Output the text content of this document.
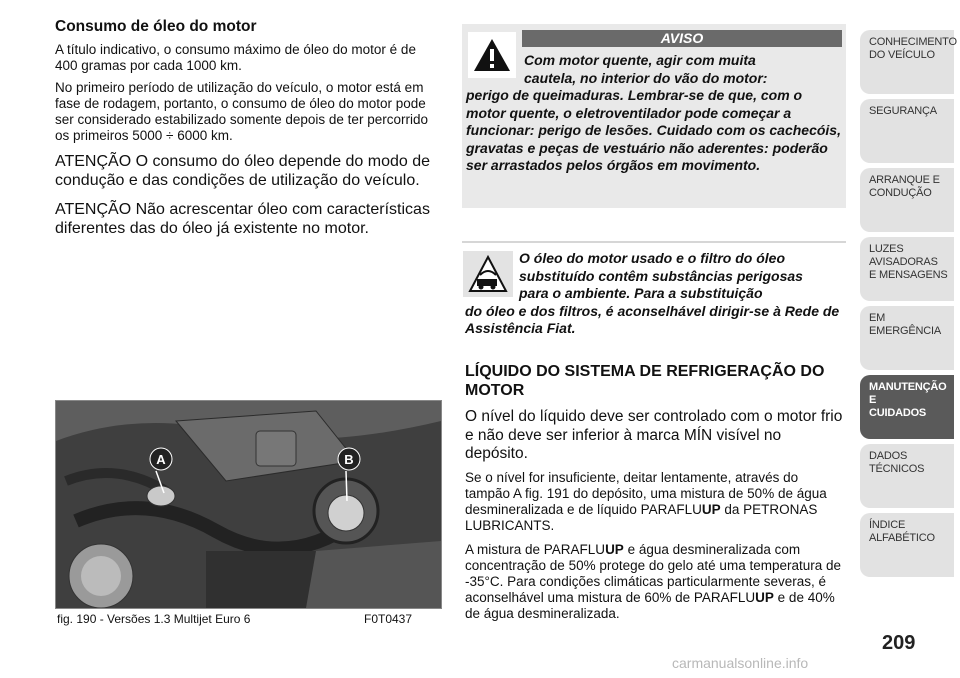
Consumo de óleo do motor

A título indicativo, o consumo máximo de óleo do motor é de 400 gramas por cada 1000 km.

No primeiro período de utilização do veículo, o motor está em fase de rodagem, portanto, o consumo de óleo do motor pode ser considerado estabilizado somente depois de ter percorrido os primeiros 5000 ÷ 6000 km.

ATENÇÃO O consumo do óleo depende do modo de condução e das condições de utilização do veículo.

ATENÇÃO Não acrescentar óleo com características diferentes das do óleo já existente no motor.

A	B
fig. 190 - Versões 1.3 Multijet Euro 6	F0T0437
AVISO

Com motor quente, agir com muita
cautela, no interior do vão do motor:
perigo de queimaduras. Lembrar-se de que, com o motor quente, o eletroventilador pode começar a funcionar: perigo de lesões. Cuidado com os cachecóis, gravatas e peças de vestuário não aderentes: poderão ser arrastados pelos órgãos em movimento.

O óleo do motor usado e o filtro do óleo
substituído contêm substâncias perigosas
para o ambiente. Para a substituição
do óleo e dos filtros, é aconselhável dirigir-se à Rede de Assistência Fiat.

LÍQUIDO DO SISTEMA DE REFRIGERAÇÃO DO MOTOR

O nível do líquido deve ser controlado com o motor frio e não deve ser inferior à marca MÍN visível no depósito.

Se o nível for insuficiente, deitar lentamente, através do tampão A fig. 191 do depósito, uma mistura de 50% de água desmineralizada e de líquido PARAFLUUP da PETRONAS LUBRICANTS.

A mistura de PARAFLUUP e água desmineralizada com concentração de 50% protege do gelo até uma temperatura de -35°C. Para condições climáticas particularmente severas, é aconselhável uma mistura de 60% de PARAFLUUP e de 40% de água desmineralizada.

CONHECIMENTO
DO VEÍCULO
SEGURANÇA

ARRANQUE E
CONDUÇÃO
LUZES AVISADORAS
E MENSAGENS
EM EMERGÊNCIA

MANUTENÇÃO E
CUIDADOS
DADOS TÉCNICOS

ÍNDICE ALFABÉTICO

209
carmanualsonline.info
